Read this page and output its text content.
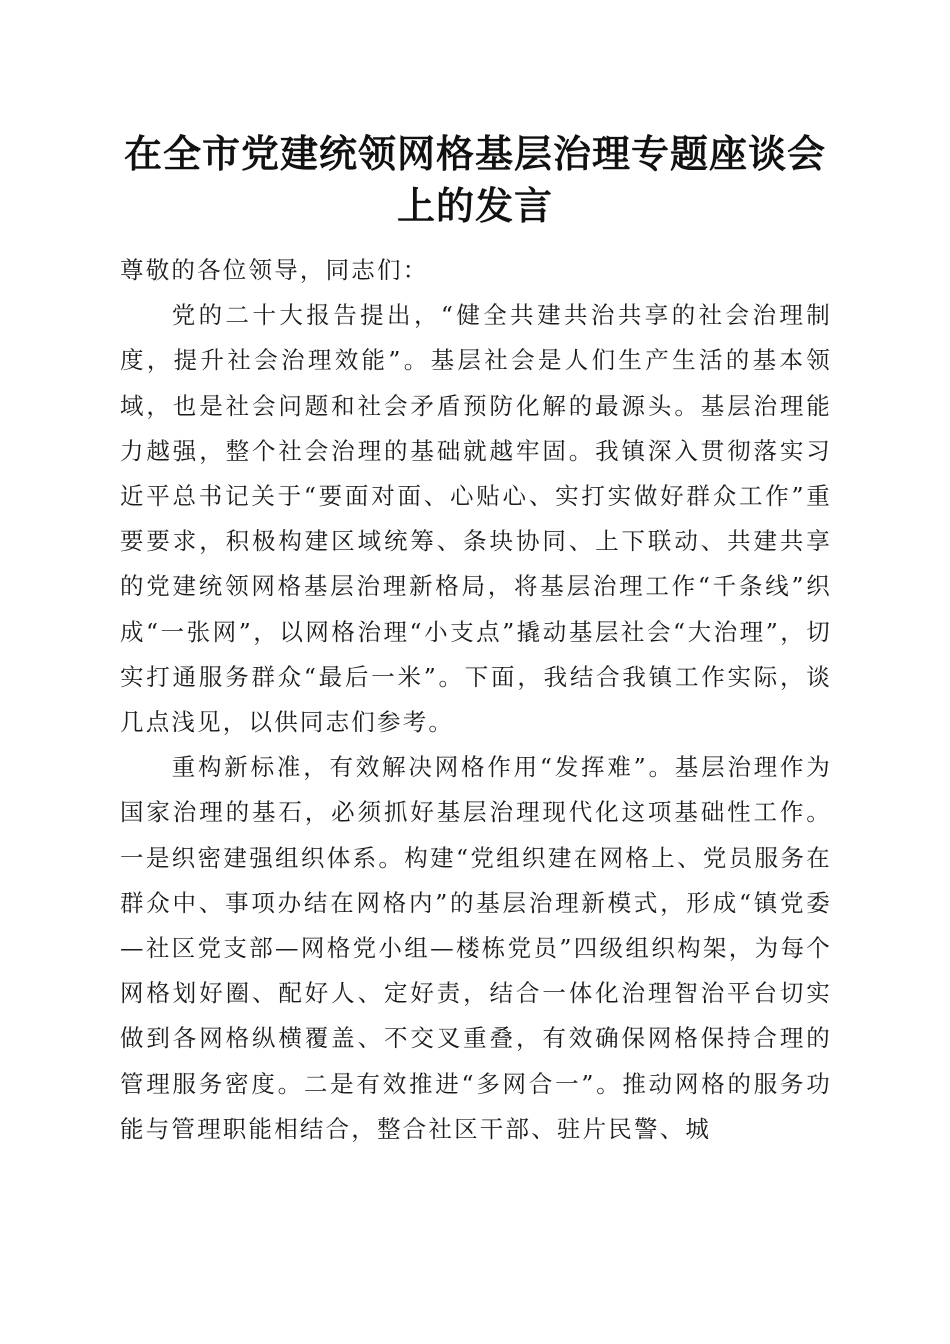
在全市党建统领网格基层治理专题座谈会上的发言

尊敬的各位领导，同志们：

党的二十大报告提出，“健全共建共治共享的社会治理制度，提升社会治理效能”。基层社会是人们生产生活的基本领域，也是社会问题和社会矛盾预防化解的最源头。基层治理能力越强，整个社会治理的基础就越牢固。我镇深入贯彻落实习近平总书记关于“要面对面、心贴心、实打实做好群众工作”重要要求，积极构建区域统筹、条块协同、上下联动、共建共享的党建统领网格基层治理新格局，将基层治理工作“千条线”织成“一张网”，以网格治理“小支点”撬动基层社会“大治理”，切实打通服务群众“最后一米”。下面，我结合我镇工作实际，谈几点浅见，以供同志们参考。

重构新标准，有效解决网格作用“发挥难”。基层治理作为国家治理的基石，必须抓好基层治理现代化这项基础性工作。一是织密建强组织体系。构建“党组织建在网格上、党员服务在群众中、事项办结在网格内”的基层治理新模式，形成“镇党委—社区党支部—网格党小组—楼栋党员”四级组织构架，为每个网格划好圈、配好人、定好责，结合一体化治理智治平台切实做到各网格纵横覆盖、不交叉重叠，有效确保网格保持合理的管理服务密度。二是有效推进“多网合一”。推动网格的服务功能与管理职能相结合，整合社区干部、驻片民警、城
